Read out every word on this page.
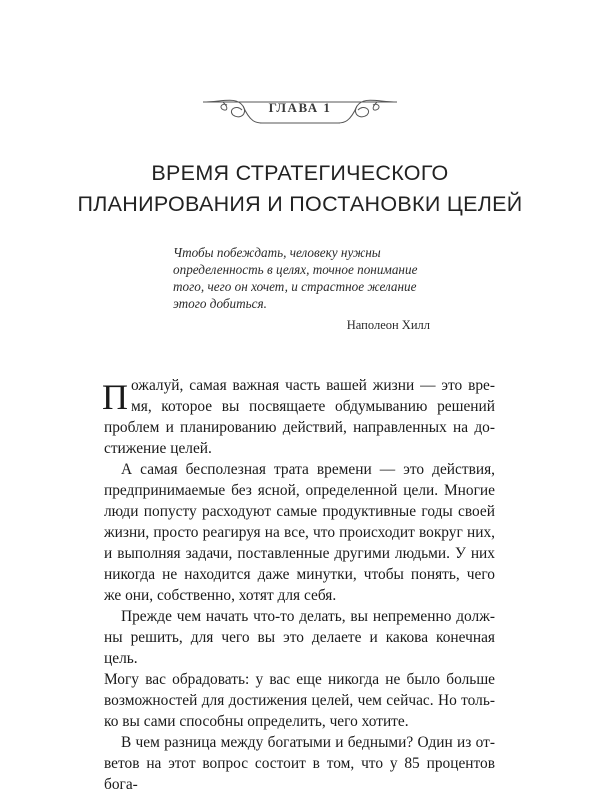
ГЛАВА 1
ВРЕМЯ СТРАТЕГИЧЕСКОГО
ПЛАНИРОВАНИЯ И ПОСТАНОВКИ ЦЕЛЕЙ
Чтобы побеждать, человеку нужны
определенность в целях, точное понимание
того, чего он хочет, и страстное желание
этого добиться.
Наполеон Хилл

П ожалуй, самая важная часть вашей жизни — это вре-
мя, которое вы посвящаете обдумыванию решений
проблем и планированию действий, направленных на до-
стижение целей.

А самая бесполезная трата времени — это действия,
предпринимаемые без ясной, определенной цели. Многие
люди попусту расходуют самые продуктивные годы своей
жизни, просто реагируя на все, что происходит вокруг них,
и выполняя задачи, поставленные другими людьми. У них
никогда не находится даже минутки, чтобы понять, чего
же они, собственно, хотят для себя.

Прежде чем начать что-то делать, вы непременно долж-
ны решить, для чего вы это делаете и какова конечная цель.
Могу вас обрадовать: у вас еще никогда не было больше
возможностей для достижения целей, чем сейчас. Но толь-
ко вы сами способны определить, чего хотите.

В чем разница между богатыми и бедными? Один из от-
ветов на этот вопрос состоит в том, что у 85 процентов бога-
